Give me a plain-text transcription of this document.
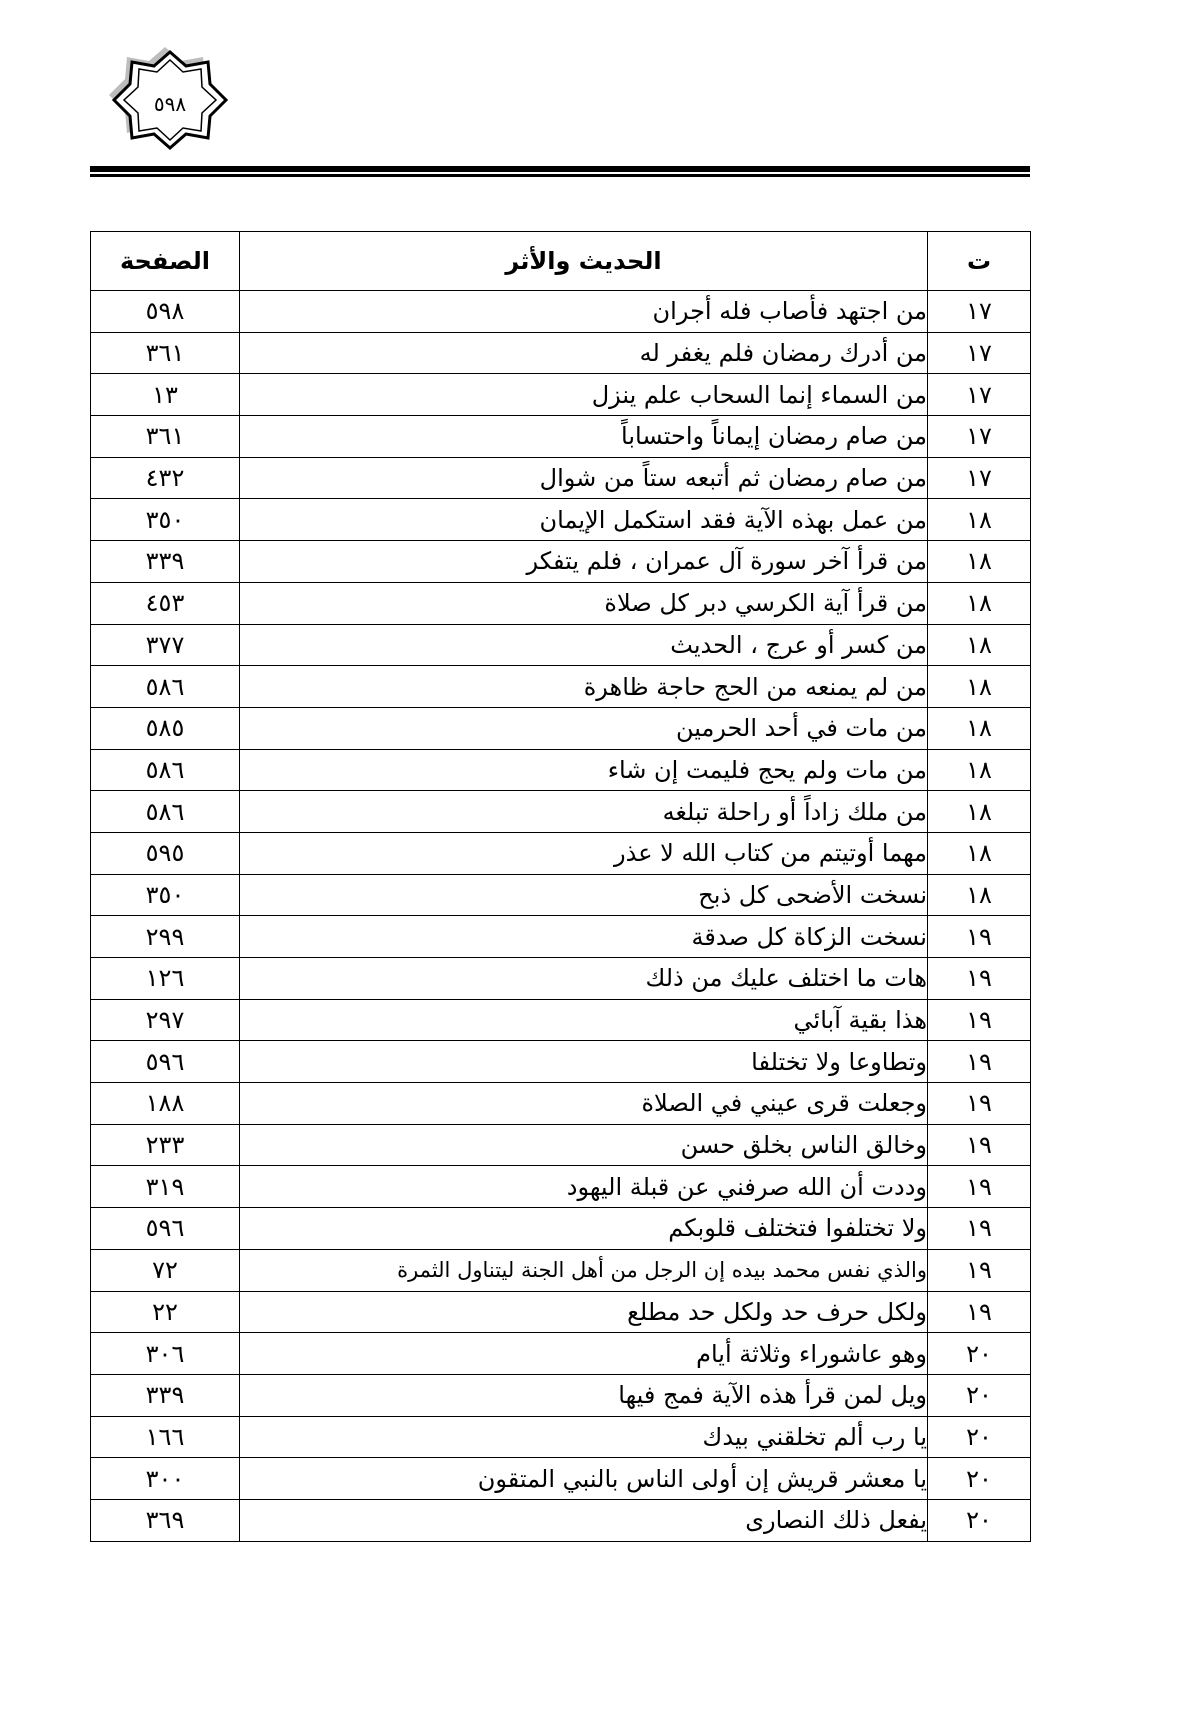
٥٩٨
ت	الحديث والأثر	الصفحة
١٧	من اجتهد فأصاب فله أجران	٥٩٨
١٧	من أدرك رمضان فلم يغفر له	٣٦١
١٧	من السماء إنما السحاب علم ينزل	١٣
١٧	من صام رمضان إيماناً واحتساباً	٣٦١
١٧	من صام رمضان ثم أتبعه ستاً من شوال	٤٣٢
١٨	من عمل بهذه الآية فقد استكمل الإيمان	٣٥٠
١٨	من قرأ آخر سورة آل عمران ، فلم يتفكر	٣٣٩
١٨	من قرأ آية الكرسي دبر كل صلاة	٤٥٣
١٨	من كسر أو عرج ، الحديث	٣٧٧
١٨	من لم يمنعه من الحج حاجة ظاهرة	٥٨٦
١٨	من مات في أحد الحرمين	٥٨٥
١٨	من مات ولم يحج فليمت إن شاء	٥٨٦
١٨	من ملك زاداً أو راحلة تبلغه	٥٨٦
١٨	مهما أوتيتم من كتاب الله لا عذر	٥٩٥
١٨	نسخت الأضحى كل ذبح	٣٥٠
١٩	نسخت الزكاة كل صدقة	٢٩٩
١٩	هات ما اختلف عليك من ذلك	١٢٦
١٩	هذا بقية آبائي	٢٩٧
١٩	وتطاوعا ولا تختلفا	٥٩٦
١٩	وجعلت قرى عيني في الصلاة	١٨٨
١٩	وخالق الناس بخلق حسن	٢٣٣
١٩	وددت أن الله صرفني عن قبلة اليهود	٣١٩
١٩	ولا تختلفوا فتختلف قلوبكم	٥٩٦
١٩	والذي نفس محمد بيده إن الرجل من أهل الجنة ليتناول الثمرة	٧٢
١٩	ولكل حرف حد ولكل حد مطلع	٢٢
٢٠	وهو عاشوراء وثلاثة أيام	٣٠٦
٢٠	ويل لمن قرأ هذه الآية فمج فيها	٣٣٩
٢٠	يا رب ألم تخلقني بيدك	١٦٦
٢٠	يا معشر قريش إن أولى الناس بالنبي المتقون	٣٠٠
٢٠	يفعل ذلك النصارى	٣٦٩
